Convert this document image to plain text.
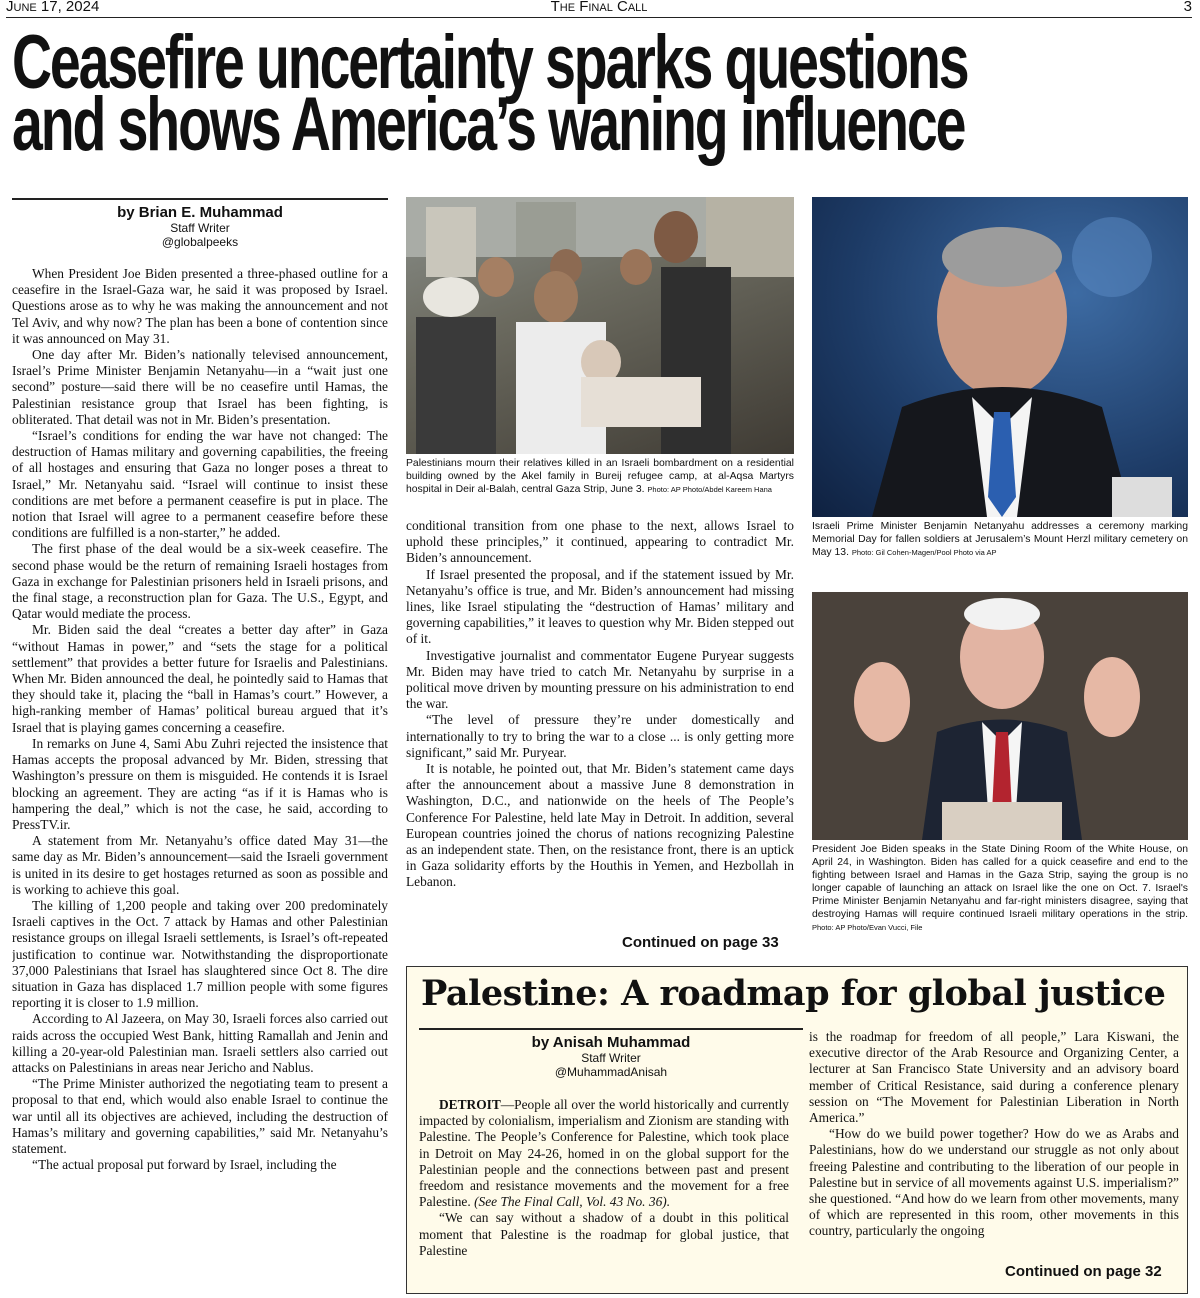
June 17, 2024	The Final Call	3
Ceasefire uncertainty sparks questions
and shows America’s waning influence
by Brian E. Muhammad
Staff Writer
@globalpeeks

When President Joe Biden presented a three-phased outline for a ceasefire in the Israel-Gaza war, he said it was proposed by Israel. Questions arose as to why he was making the announcement and not Tel Aviv, and why now? The plan has been a bone of contention since it was announced on May 31.

One day after Mr. Biden’s nationally televised announcement, Israel’s Prime Minister Benjamin Netanyahu—in a “wait just one second” posture—said there will be no ceasefire until Hamas, the Palestinian resistance group that Israel has been fighting, is obliterated. That detail was not in Mr. Biden’s presentation.

“Israel’s conditions for ending the war have not changed: The destruction of Hamas military and governing capabilities, the freeing of all hostages and ensuring that Gaza no longer poses a threat to Israel,” Mr. Netanyahu said. “Israel will continue to insist these conditions are met before a permanent ceasefire is put in place. The notion that Israel will agree to a permanent ceasefire before these conditions are fulfilled is a non-starter,” he added.

The first phase of the deal would be a six-week ceasefire. The second phase would be the return of remaining Israeli hostages from Gaza in exchange for Palestinian prisoners held in Israeli prisons, and the final stage, a reconstruction plan for Gaza. The U.S., Egypt, and Qatar would mediate the process.

Mr. Biden said the deal “creates a better day after” in Gaza “without Hamas in power,” and “sets the stage for a political settlement” that provides a better future for Israelis and Palestinians. When Mr. Biden announced the deal, he pointedly said to Hamas that they should take it, placing the “ball in Hamas’s court.” However, a high-ranking member of Hamas’ political bureau argued that it’s Israel that is playing games concerning a ceasefire.

In remarks on June 4, Sami Abu Zuhri rejected the insistence that Hamas accepts the proposal advanced by Mr. Biden, stressing that Washington’s pressure on them is misguided. He contends it is Israel blocking an agreement. They are acting “as if it is Hamas who is hampering the deal,” which is not the case, he said, according to PressTV.ir.

A statement from Mr. Netanyahu’s office dated May 31—the same day as Mr. Biden’s announcement—said the Israeli government is united in its desire to get hostages returned as soon as possible and is working to achieve this goal.

The killing of 1,200 people and taking over 200 predominately Israeli captives in the Oct. 7 attack by Hamas and other Palestinian resistance groups on illegal Israeli settlements, is Israel’s oft-repeated justification to continue war. Notwithstanding the disproportionate 37,000 Palestinians that Israel has slaughtered since Oct 8. The dire situation in Gaza has displaced 1.7 million people with some figures reporting it is closer to 1.9 million.

According to Al Jazeera, on May 30, Israeli forces also carried out raids across the occupied West Bank, hitting Ramallah and Jenin and killing a 20-year-old Palestinian man. Israeli settlers also carried out attacks on Palestinians in areas near Jericho and Nablus.

“The Prime Minister authorized the negotiating team to present a proposal to that end, which would also enable Israel to continue the war until all its objectives are achieved, including the destruction of Hamas’s military and governing capabilities,” said Mr. Netanyahu’s statement.

“The actual proposal put forward by Israel, including the

Palestinians mourn their relatives killed in an Israeli bombardment on a residential building owned by the Akel family in Bureij refugee camp, at al-Aqsa Martyrs hospital in Deir al-Balah, central Gaza Strip, June 3. Photo: AP Photo/Abdel Kareem Hana

conditional transition from one phase to the next, allows Israel to uphold these principles,” it continued, appearing to contradict Mr. Biden’s announcement.

If Israel presented the proposal, and if the statement issued by Mr. Netanyahu’s office is true, and Mr. Biden’s announcement had missing lines, like Israel stipulating the “destruction of Hamas’ military and governing capabilities,” it leaves to question why Mr. Biden stepped out of it.

Investigative journalist and commentator Eugene Puryear suggests Mr. Biden may have tried to catch Mr. Netanyahu by surprise in a political move driven by mounting pressure on his administration to end the war.

“The level of pressure they’re under domestically and internationally to try to bring the war to a close ... is only getting more significant,” said Mr. Puryear.

It is notable, he pointed out, that Mr. Biden’s statement came days after the announcement about a massive June 8 demonstration in Washington, D.C., and nationwide on the heels of The People’s Conference For Palestine, held late May in Detroit. In addition, several European countries joined the chorus of nations recognizing Palestine as an independent state. Then, on the resistance front, there is an uptick in Gaza solidarity efforts by the Houthis in Yemen, and Hezbollah in Lebanon.

Continued on page 33
Israeli Prime Minister Benjamin Netanyahu addresses a ceremony marking Memorial Day for fallen soldiers at Jerusalem’s Mount Herzl military cemetery on May 13. Photo: Gil Cohen-Magen/Pool Photo via AP
President Joe Biden speaks in the State Dining Room of the White House, on April 24, in Washington. Biden has called for a quick ceasefire and end to the fighting between Israel and Hamas in the Gaza Strip, saying the group is no longer capable of launching an attack on Israel like the one on Oct. 7. Israel's Prime Minister Benjamin Netanyahu and far-right ministers disagree, saying that destroying Hamas will require continued Israeli military operations in the strip. Photo: AP Photo/Evan Vucci, File
Palestine: A roadmap for global justice
by Anisah Muhammad
Staff Writer
@MuhammadAnisah

DETROIT—People all over the world historically and currently impacted by colonialism, imperialism and Zionism are standing with Palestine. The People’s Conference for Palestine, which took place in Detroit on May 24-26, homed in on the global support for the Palestinian people and the connections between past and present freedom and resistance movements and the movement for a free Palestine. (See The Final Call, Vol. 43 No. 36).

“We can say without a shadow of a doubt in this political moment that Palestine is the roadmap for global justice, that Palestine

is the roadmap for freedom of all people,” Lara Kiswani, the executive director of the Arab Resource and Organizing Center, a lecturer at San Francisco State University and an advisory board member of Critical Resistance, said during a conference plenary session on “The Movement for Palestinian Liberation in North America.”

“How do we build power together? How do we as Arabs and Palestinians, how do we understand our struggle as not only about freeing Palestine and contributing to the liberation of our people in Palestine but in service of all movements against U.S. imperialism?” she questioned. “And how do we learn from other movements, many of which are represented in this room, other movements in this country, particularly the ongoing

Continued on page 32
